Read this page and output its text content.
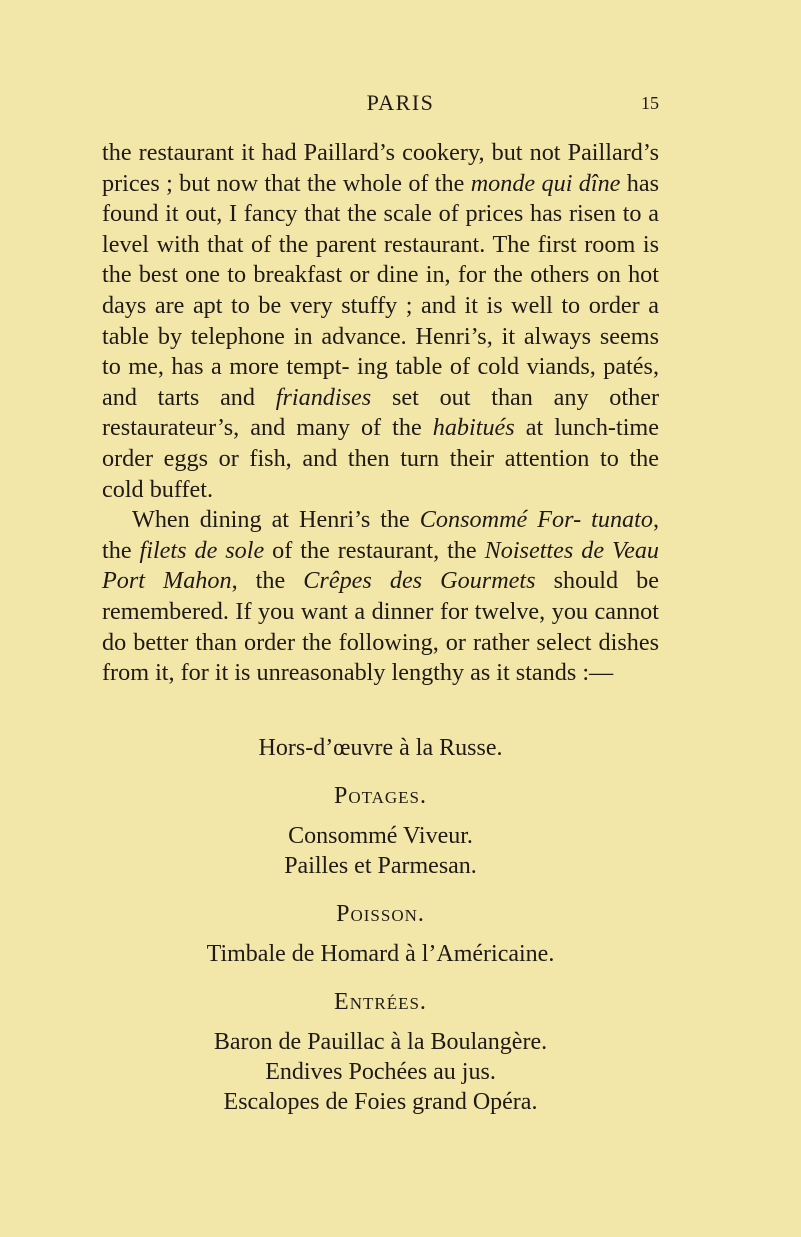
PARIS	15

the restaurant it had Paillard’s cookery, but not Paillard’s prices ; but now that the whole of the monde qui dîne has found it out, I fancy that the scale of prices has risen to a level with that of the parent restaurant. The first room is the best one to breakfast or dine in, for the others on hot days are apt to be very stuffy ; and it is well to order a table by telephone in advance. Henri’s, it always seems to me, has a more tempt- ing table of cold viands, patés, and tarts and friandises set out than any other restaurateur’s, and many of the habitués at lunch-time order eggs or fish, and then turn their attention to the cold buffet.

When dining at Henri’s the Consommé For- tunato, the filets de sole of the restaurant, the Noisettes de Veau Port Mahon, the Crêpes des Gourmets should be remembered. If you want a dinner for twelve, you cannot do better than order the following, or rather select dishes from it, for it is unreasonably lengthy as it stands :—

Hors-d’œuvre à la Russe.
Potages.
Consommé Viveur.
Pailles et Parmesan.
Poisson.
Timbale de Homard à l’Américaine.
Entrées.
Baron de Pauillac à la Boulangère.
Endives Pochées au jus.
Escalopes de Foies grand Opéra.
